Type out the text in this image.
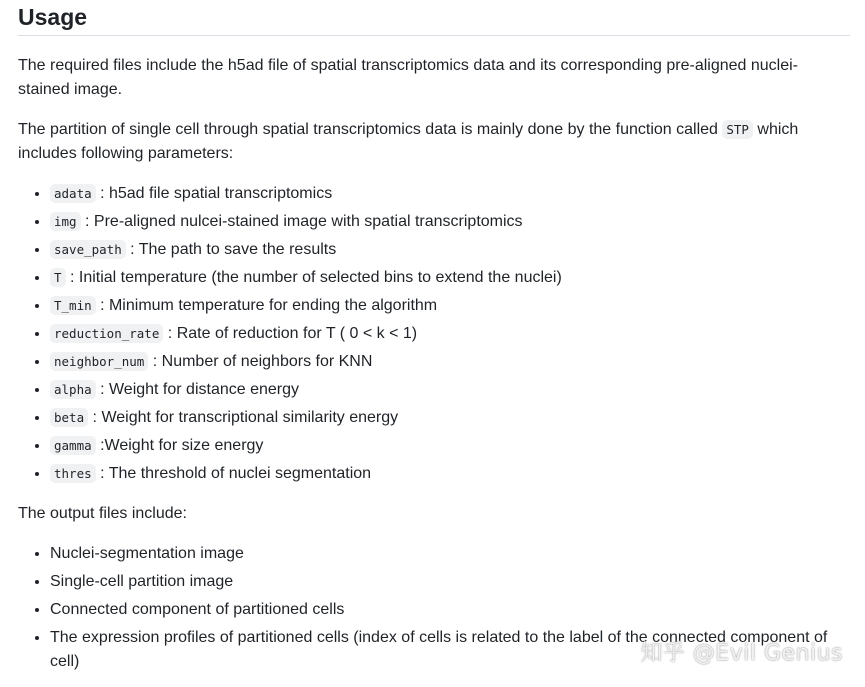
Usage

The required files include the h5ad file of spatial transcriptomics data and its corresponding pre-aligned nuclei-stained image.

The partition of single cell through spatial transcriptomics data is mainly done by the function called STP which includes following parameters:

• adata : h5ad file spatial transcriptomics
• img : Pre-aligned nulcei-stained image with spatial transcriptomics
• save_path : The path to save the results
• T : Initial temperature (the number of selected bins to extend the nuclei)
• T_min : Minimum temperature for ending the algorithm
• reduction_rate : Rate of reduction for T ( 0 < k < 1)
• neighbor_num : Number of neighbors for KNN
• alpha : Weight for distance energy
• beta : Weight for transcriptional similarity energy
• gamma :Weight for size energy
• thres : The threshold of nuclei segmentation

The output files include:

• Nuclei-segmentation image
• Single-cell partition image
• Connected component of partitioned cells
• The expression profiles of partitioned cells (index of cells is related to the label of the connected component of cell)	知乎 @Evil Genius
